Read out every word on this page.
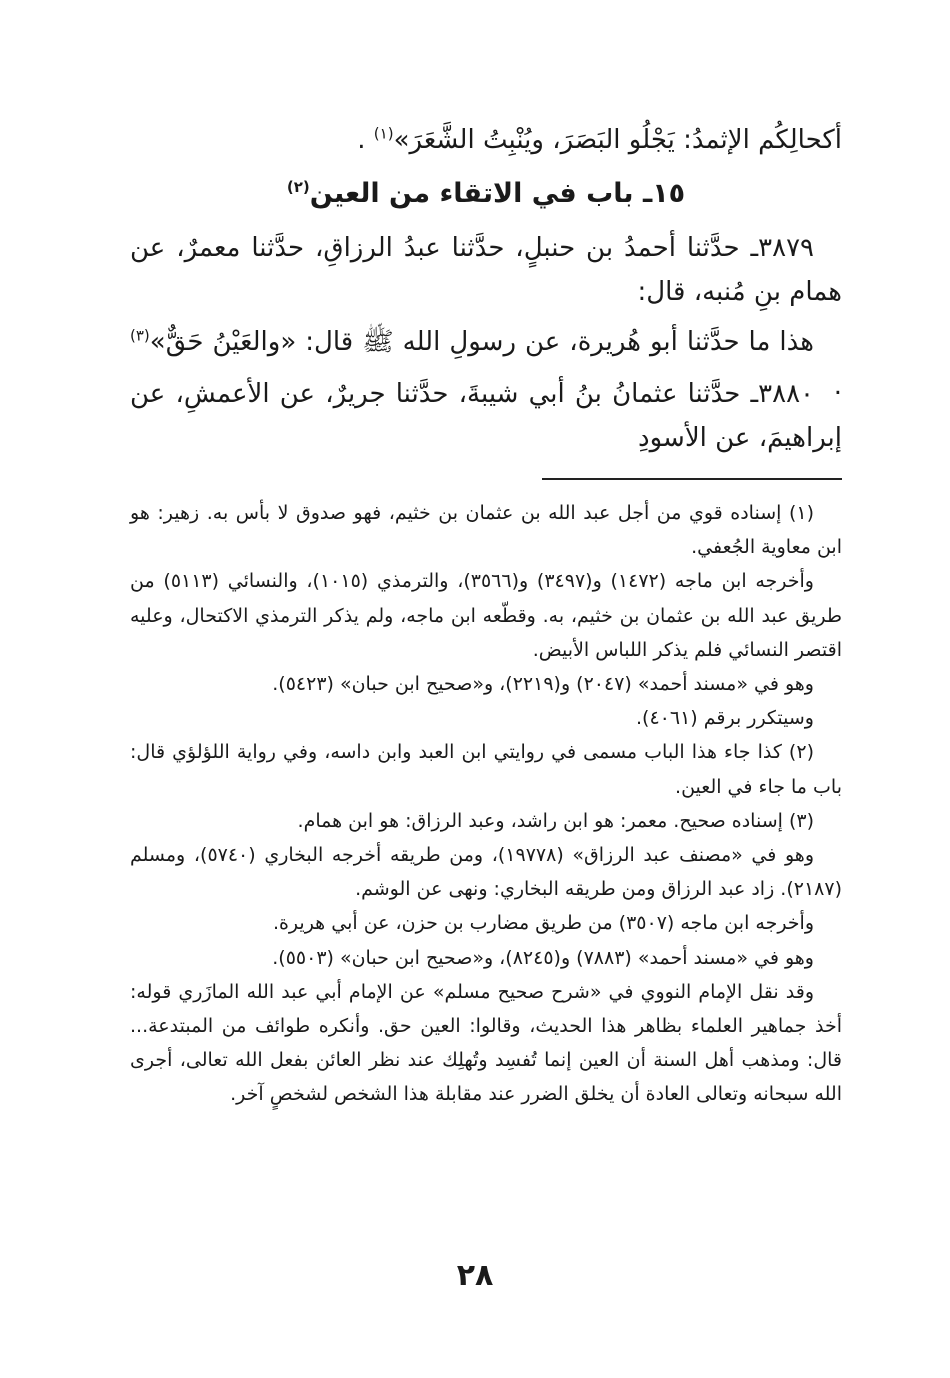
أكحالِكُم الإثمدُ: يَجْلُو البَصَرَ، ويُنْبِتُ الشَّعَرَ»$^{(١)}$ .

١٥ـ باب في الاتقاء من العين$^{(٢)}$

٣٨٧٩ـ حدَّثنا أحمدُ بن حنبلٍ، حدَّثنا عبدُ الرزاقِ، حدَّثنا معمرٌ، عن همام بنِ مُنبه، قال:

هذا ما حدَّثنا أبو هُريرة، عن رسولِ الله ﷺ قال: «والعَيْنُ حَقٌّ»$^{(٣)}$ .

٣٨٨٠ـ حدَّثنا عثمانُ بنُ أبي شيبةَ، حدَّثنا جريرٌ، عن الأعمشِ، عن إبراهيمَ، عن الأسودِ

(١) إسناده قوي من أجل عبد الله بن عثمان بن خثيم، فهو صدوق لا بأس به. زهير: هو ابن معاوية الجُعفي.

وأخرجه ابن ماجه (١٤٧٢) و(٣٤٩٧) و(٣٥٦٦)، والترمذي (١٠١٥)، والنسائي (٥١١٣) من طريق عبد الله بن عثمان بن خثيم، به. وقطّعه ابن ماجه، ولم يذكر الترمذي الاكتحال، وعليه اقتصر النسائي فلم يذكر اللباس الأبيض.

وهو في «مسند أحمد» (٢٠٤٧) و(٢٢١٩)، و«صحيح ابن حبان» (٥٤٢٣).

وسيتكرر برقم (٤٠٦١).

(٢) كذا جاء هذا الباب مسمى في روايتي ابن العبد وابن داسه، وفي رواية اللؤلؤي قال: باب ما جاء في العين.

(٣) إسناده صحيح. معمر: هو ابن راشد، وعبد الرزاق: هو ابن همام.

وهو في «مصنف عبد الرزاق» (١٩٧٧٨)، ومن طريقه أخرجه البخاري (٥٧٤٠)، ومسلم (٢١٨٧). زاد عبد الرزاق ومن طريقه البخاري: ونهى عن الوشم.

وأخرجه ابن ماجه (٣٥٠٧) من طريق مضارب بن حزن، عن أبي هريرة.

وهو في «مسند أحمد» (٧٨٨٣) و(٨٢٤٥)، و«صحيح ابن حبان» (٥٥٠٣).

وقد نقل الإمام النووي في «شرح صحيح مسلم» عن الإمام أبي عبد الله المازَري قوله: أخذ جماهير العلماء بظاهر هذا الحديث، وقالوا: العين حق. وأنكره طوائف من المبتدعة... قال: ومذهب أهل السنة أن العين إنما تُفسِد وتُهلِك عند نظر العائن بفعل الله تعالى، أجرى الله سبحانه وتعالى العادة أن يخلق الضرر عند مقابلة هذا الشخص لشخصٍ آخر.

٢٨
